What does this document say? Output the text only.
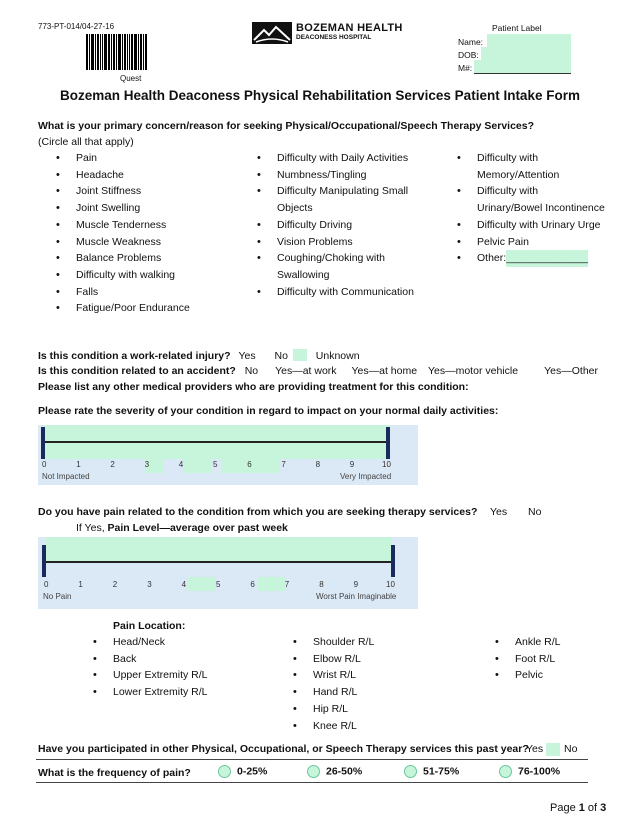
773-PT-014/04-27-16
Quest
BOZEMAN HEALTH
DEACONESS HOSPITAL
Patient Label
Name:
DOB:
M#:
Bozeman Health Deaconess Physical Rehabilitation Services Patient Intake Form
What is your primary concern/reason for seeking Physical/Occupational/Speech Therapy Services?
(Circle all that apply)
• Pain
• Headache
• Joint Stiffness
• Joint Swelling
• Muscle Tenderness
• Muscle Weakness
• Balance Problems
• Difficulty with walking
• Falls
• Fatigue/Poor Endurance
• Difficulty with Daily Activities
• Numbness/Tingling
• Difficulty Manipulating Small Objects
• Difficulty Driving
• Vision Problems
• Coughing/Choking with Swallowing
• Difficulty with Communication
• Difficulty with Memory/Attention
• Difficulty with Urinary/Bowel Incontinence
• Difficulty with Urinary Urge
• Pelvic Pain
• Other:______________
Is this condition a work-related injury? Yes No	Unknown
Is this condition related to an accident? No Yes—at work Yes—at home Yes—motor vehicle Yes—Other
Please list any other medical providers who are providing treatment for this condition:
Please rate the severity of your condition in regard to impact on your normal daily activities:
0	1	2	3	4	5	6	7	8	9	10
Not Impacted	Very Impacted
Do you have pain related to the condition from which you are seeking therapy services? Yes No
If Yes, Pain Level—average over past week
0	1	2	3	4	5	6	7	8	9	10
No Pain	Worst Pain Imaginable
Pain Location:
• Head/Neck
• Back
• Upper Extremity R/L
• Lower Extremity R/L
• Shoulder R/L
• Elbow R/L
• Wrist R/L
• Hand R/L
• Hip R/L
• Knee R/L
• Ankle R/L
• Foot R/L
• Pelvic
Have you participated in other Physical, Occupational, or Speech Therapy services this past year?
Yes No
What is the frequency of pain?	0-25%	26-50%	51-75%	76-100%
Page 1 of 3
